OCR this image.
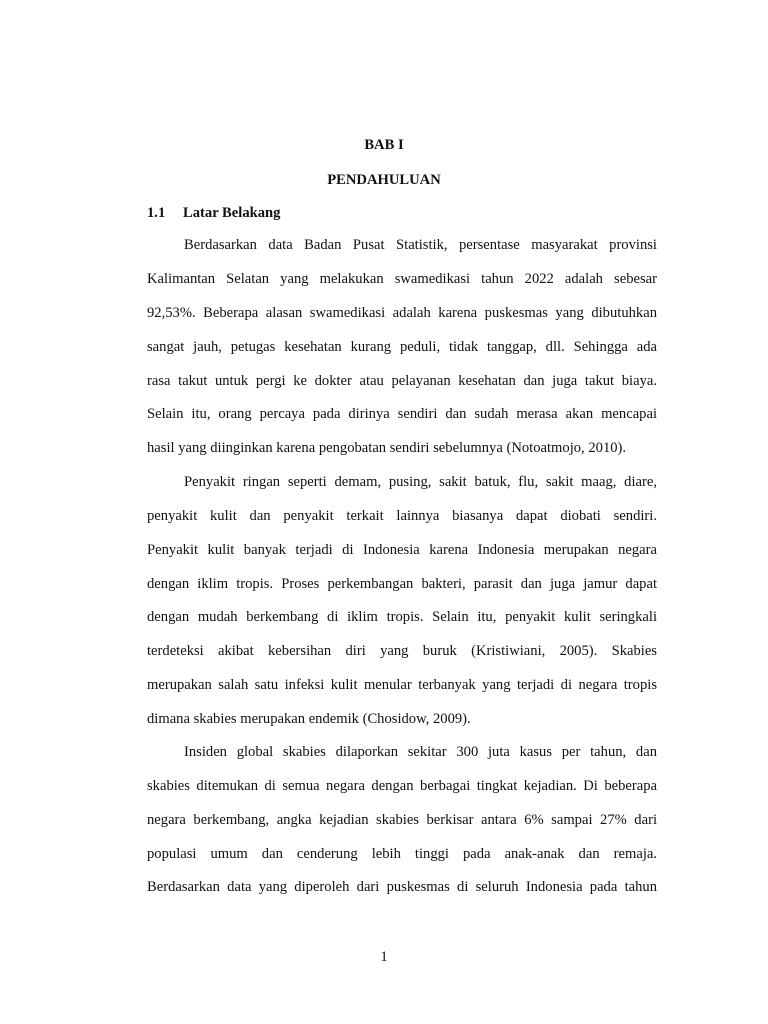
BAB I
PENDAHULUAN
1.1 Latar Belakang
Berdasarkan data Badan Pusat Statistik, persentase masyarakat provinsi
Kalimantan Selatan yang melakukan swamedikasi tahun 2022 adalah sebesar
92,53%. Beberapa alasan swamedikasi adalah karena puskesmas yang dibutuhkan
sangat jauh, petugas kesehatan kurang peduli, tidak tanggap, dll. Sehingga ada
rasa takut untuk pergi ke dokter atau pelayanan kesehatan dan juga takut biaya.
Selain itu, orang percaya pada dirinya sendiri dan sudah merasa akan mencapai
hasil yang diinginkan karena pengobatan sendiri sebelumnya (Notoatmojo, 2010).
Penyakit ringan seperti demam, pusing, sakit batuk, flu, sakit maag, diare,
penyakit kulit dan penyakit terkait lainnya biasanya dapat diobati sendiri.
Penyakit kulit banyak terjadi di Indonesia karena Indonesia merupakan negara
dengan iklim tropis. Proses perkembangan bakteri, parasit dan juga jamur dapat
dengan mudah berkembang di iklim tropis. Selain itu, penyakit kulit seringkali
terdeteksi akibat kebersihan diri yang buruk (Kristiwiani, 2005). Skabies
merupakan salah satu infeksi kulit menular terbanyak yang terjadi di negara tropis
dimana skabies merupakan endemik (Chosidow, 2009).
Insiden global skabies dilaporkan sekitar 300 juta kasus per tahun, dan
skabies ditemukan di semua negara dengan berbagai tingkat kejadian. Di beberapa
negara berkembang, angka kejadian skabies berkisar antara 6% sampai 27% dari
populasi umum dan cenderung lebih tinggi pada anak-anak dan remaja.
Berdasarkan data yang diperoleh dari puskesmas di seluruh Indonesia pada tahun
1
